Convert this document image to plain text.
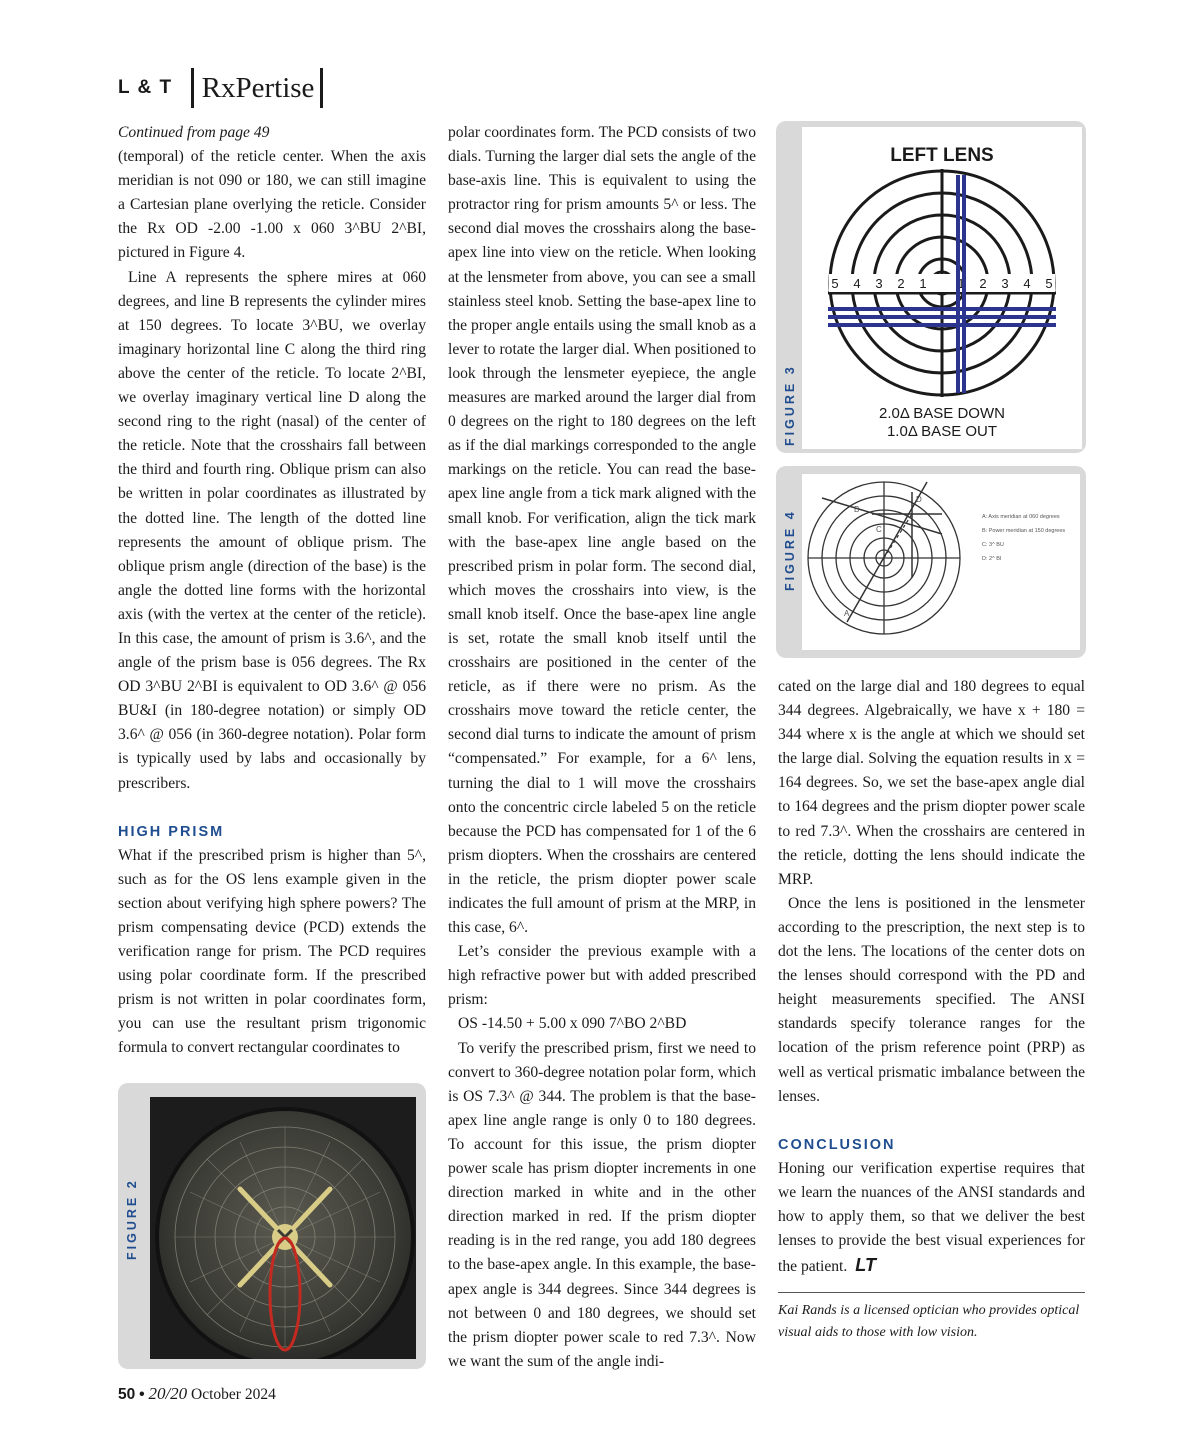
L & T RxPertise

Continued from page 49

(temporal) of the reticle center. When the axis meridian is not 090 or 180, we can still imagine a Cartesian plane overlying the reticle. Consider the Rx OD -2.00 -1.00 x 060 3^BU 2^BI, pictured in Figure 4.

Line A represents the sphere mires at 060 degrees, and line B represents the cylinder mires at 150 degrees. To locate 3^BU, we overlay imaginary horizontal line C along the third ring above the center of the reticle. To locate 2^BI, we overlay imaginary vertical line D along the second ring to the right (nasal) of the center of the reticle. Note that the crosshairs fall between the third and fourth ring. Oblique prism can also be written in polar coordinates as illustrated by the dotted line. The length of the dotted line represents the amount of oblique prism. The oblique prism angle (direction of the base) is the angle the dotted line forms with the horizontal axis (with the vertex at the center of the reticle). In this case, the amount of prism is 3.6^, and the angle of the prism base is 056 degrees. The Rx OD 3^BU 2^BI is equivalent to OD 3.6^ @ 056 BU&I (in 180-degree notation) or simply OD 3.6^ @ 056 (in 360-degree notation). Polar form is typically used by labs and occasionally by prescribers.

HIGH PRISM

What if the prescribed prism is higher than 5^, such as for the OS lens example given in the section about verifying high sphere powers? The prism compensating device (PCD) extends the verification range for prism. The PCD requires using polar coordinate form. If the prescribed prism is not written in polar coordinates form, you can use the resultant prism trigonomic formula to convert rectangular coordinates to

polar coordinates form. The PCD consists of two dials. Turning the larger dial sets the angle of the base-axis line. This is equivalent to using the protractor ring for prism amounts 5^ or less. The second dial moves the crosshairs along the base-apex line into view on the reticle. When looking at the lensmeter from above, you can see a small stainless steel knob. Setting the base-apex line to the proper angle entails using the small knob as a lever to rotate the larger dial. When positioned to look through the lensmeter eyepiece, the angle measures are marked around the larger dial from 0 degrees on the right to 180 degrees on the left as if the dial markings corresponded to the angle markings on the reticle. You can read the base-apex line angle from a tick mark aligned with the small knob. For verification, align the tick mark with the base-apex line angle based on the prescribed prism in polar form. The second dial, which moves the crosshairs into view, is the small knob itself. Once the base-apex line angle is set, rotate the small knob itself until the crosshairs are positioned in the center of the reticle, as if there were no prism. As the crosshairs move toward the reticle center, the second dial turns to indicate the amount of prism “compensated.” For example, for a 6^ lens, turning the dial to 1 will move the crosshairs onto the concentric circle labeled 5 on the reticle because the PCD has compensated for 1 of the 6 prism diopters. When the crosshairs are centered in the reticle, the prism diopter power scale indicates the full amount of prism at the MRP, in this case, 6^.

Let’s consider the previous example with a high refractive power but with added prescribed prism:

OS -14.50 + 5.00 x 090 7^BO 2^BD

To verify the prescribed prism, first we need to convert to 360-degree notation polar form, which is OS 7.3^ @ 344. The problem is that the base-apex line angle range is only 0 to 180 degrees. To account for this issue, the prism diopter power scale has prism diopter increments in one direction marked in white and in the other direction marked in red. If the prism diopter reading is in the red range, you add 180 degrees to the base-apex angle. In this example, the base-apex angle is 344 degrees. Since 344 degrees is not between 0 and 180 degrees, we should set the prism diopter power scale to red 7.3^. Now we want the sum of the angle indi-

cated on the large dial and 180 degrees to equal 344 degrees. Algebraically, we have x + 180 = 344 where x is the angle at which we should set the large dial. Solving the equation results in x = 164 degrees. So, we set the base-apex angle dial to 164 degrees and the prism diopter power scale to red 7.3^. When the crosshairs are centered in the reticle, dotting the lens should indicate the MRP.

Once the lens is positioned in the lensmeter according to the prescription, the next step is to dot the lens. The locations of the center dots on the lenses should correspond with the PD and height measurements specified. The ANSI standards specify tolerance ranges for the location of the prism reference point (PRP) as well as vertical prismatic imbalance between the lenses.

CONCLUSION

Honing our verification expertise requires that we learn the nuances of the ANSI standards and how to apply them, so that we deliver the best lenses to provide the best visual experiences for the patient. LT

FIGURE 3
LEFT LENS
5 4 3 2 1 1 2 3 4 5
2.0Δ BASE DOWN
1.0Δ BASE OUT
FIGURE 4
A
B
C
D
A: Axis meridian at 060 degrees
B: Power meridian at 150 degrees
C: 3^ BU
D: 2^ BI
FIGURE 2
Kai Rands is a licensed optician who provides optical visual aids to those with low vision.
50 • 20/20 October 2024
